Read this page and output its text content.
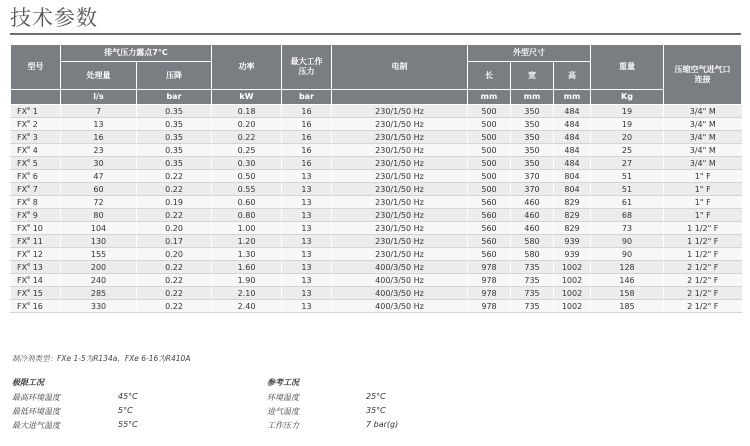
技术参数
型号	排气压力露点7°C		功率	最大工作压力	电制	外型尺寸			重量	压缩空气进气口连接
	处理量	压降				长	宽	高		
	l/s	bar	kW	bar		mm	mm	mm	Kg	
$FX^e$ 1	7	0.35	0.18	16	230/1/50 Hz	500	350	484	19	3/4" M
$FX^e$ 2	13	0.35	0.20	16	230/1/50 Hz	500	350	484	19	3/4" M
$FX^e$ 3	16	0.35	0.22	16	230/1/50 Hz	500	350	484	20	3/4" M
$FX^e$ 4	23	0.35	0.25	16	230/1/50 Hz	500	350	484	25	3/4" M
$FX^e$ 5	30	0.35	0.30	16	230/1/50 Hz	500	350	484	27	3/4" M
$FX^e$ 6	47	0.22	0.50	13	230/1/50 Hz	500	370	804	51	1" F
$FX^e$ 7	60	0.22	0.55	13	230/1/50 Hz	500	370	804	51	1" F
$FX^e$ 8	72	0.19	0.60	13	230/1/50 Hz	560	460	829	61	1" F
$FX^e$ 9	80	0.22	0.80	13	230/1/50 Hz	560	460	829	68	1" F
$FX^e$ 10	104	0.20	1.00	13	230/1/50 Hz	560	460	829	73	1 1/2" F
$FX^e$ 11	130	0.17	1.20	13	230/1/50 Hz	560	580	939	90	1 1/2" F
$FX^e$ 12	155	0.20	1.30	13	230/1/50 Hz	560	580	939	90	1 1/2" F
$FX^e$ 13	200	0.22	1.60	13	400/3/50 Hz	978	735	1002	128	2 1/2" F
$FX^e$ 14	240	0.22	1.90	13	400/3/50 Hz	978	735	1002	146	2 1/2" F
$FX^e$ 15	285	0.22	2.10	13	400/3/50 Hz	978	735	1002	158	2 1/2" F
$FX^e$ 16	330	0.22	2.40	13	400/3/50 Hz	978	735	1002	185	2 1/2" F
制冷剂类型：FXe 1-5为R134a，FXe 6-16为R410A
极限工况
最高环境温度	45°C
最低环境温度	5°C
最大进气温度	55°C
参考工况
环境温度	25°C
进气温度	35°C
工作压力	7 bar(g)
